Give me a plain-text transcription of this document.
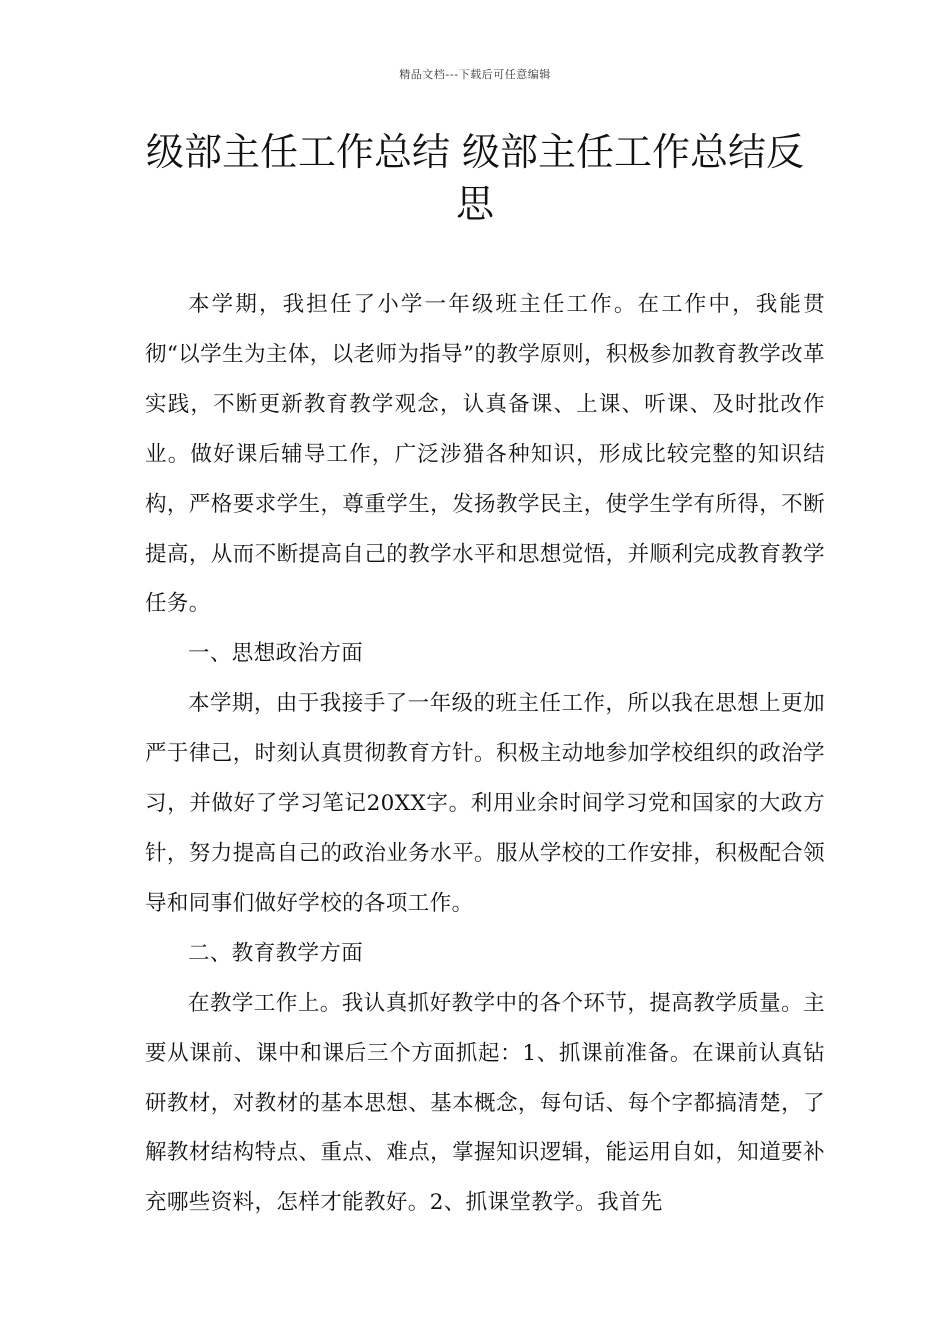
精品文档---下载后可任意编辑
级部主任工作总结 级部主任工作总结反思

本学期，我担任了小学一年级班主任工作。在工作中，我能贯彻“以学生为主体，以老师为指导”的教学原则，积极参加教育教学改革实践，不断更新教育教学观念，认真备课、上课、听课、及时批改作业。做好课后辅导工作，广泛涉猎各种知识，形成比较完整的知识结构，严格要求学生，尊重学生，发扬教学民主，使学生学有所得，不断提高，从而不断提高自己的教学水平和思想觉悟，并顺利完成教育教学任务。

一、思想政治方面

本学期，由于我接手了一年级的班主任工作，所以我在思想上更加严于律己，时刻认真贯彻教育方针。积极主动地参加学校组织的政治学习，并做好了学习笔记20XX字。利用业余时间学习党和国家的大政方针，努力提高自己的政治业务水平。服从学校的工作安排，积极配合领导和同事们做好学校的各项工作。

二、教育教学方面

在教学工作上。我认真抓好教学中的各个环节，提高教学质量。主要从课前、课中和课后三个方面抓起：1、抓课前准备。在课前认真钻研教材，对教材的基本思想、基本概念，每句话、每个字都搞清楚，了解教材结构特点、重点、难点，掌握知识逻辑，能运用自如，知道要补充哪些资料，怎样才能教好。2、抓课堂教学。我首先
